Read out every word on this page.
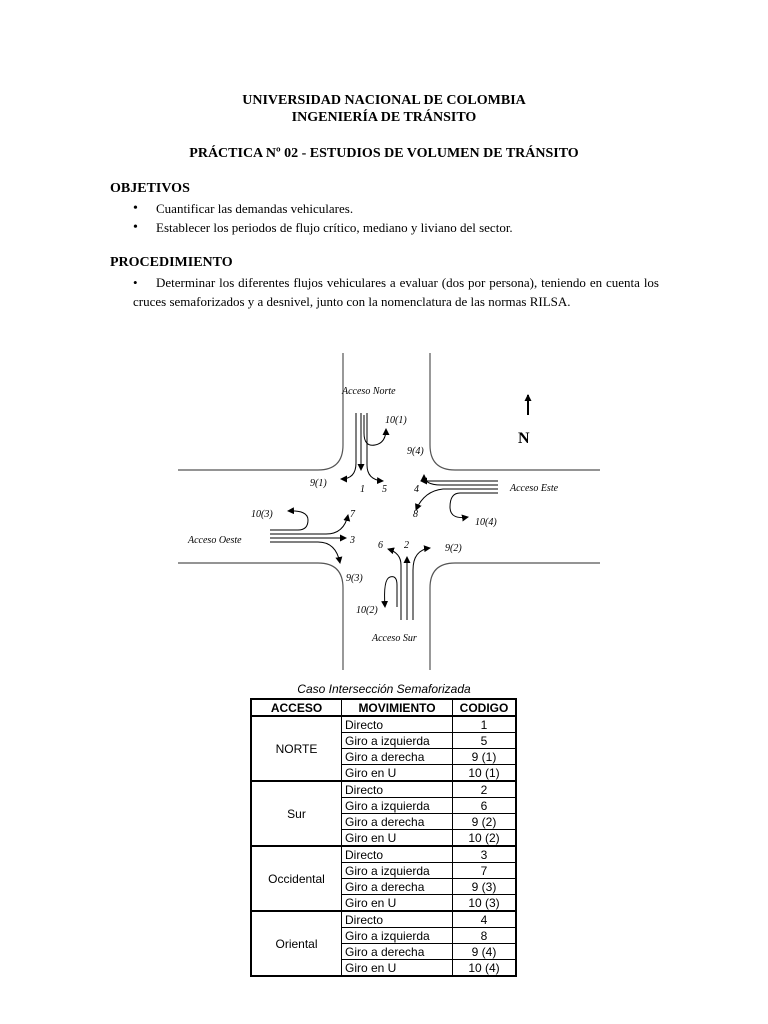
UNIVERSIDAD NACIONAL DE COLOMBIA
INGENIERÍA DE TRÁNSITO
PRÁCTICA Nº 02 - ESTUDIOS DE VOLUMEN DE TRÁNSITO
OBJETIVOS
• Cuantificar las demandas vehiculares.
• Establecer los periodos de flujo crítico, mediano y liviano del sector.
PROCEDIMIENTO
• Determinar los diferentes flujos vehiculares a evaluar (dos por persona), teniendo en cuenta los cruces semaforizados y a desnivel, junto con la nomenclatura de las normas RILSA.
N
Acceso Norte
Acceso Este
Acceso Oeste
Acceso Sur
10(1)
9(1)
1 5
9(4)
4
8
10(4)
10(3)	7
3
9(3)
6 2	9(2)
10(2)
Caso Intersección Semaforizada
ACCESO	MOVIMIENTO	CODIGO
NORTE	Directo	1
	Giro a izquierda	5
	Giro a derecha	9 (1)
	Giro en U	10 (1)
Sur	Directo	2
	Giro a izquierda	6
	Giro a derecha	9 (2)
	Giro en U	10 (2)
Occidental	Directo	3
	Giro a izquierda	7
	Giro a derecha	9 (3)
	Giro en U	10 (3)
Oriental	Directo	4
	Giro a izquierda	8
	Giro a derecha	9 (4)
	Giro en U	10 (4)
